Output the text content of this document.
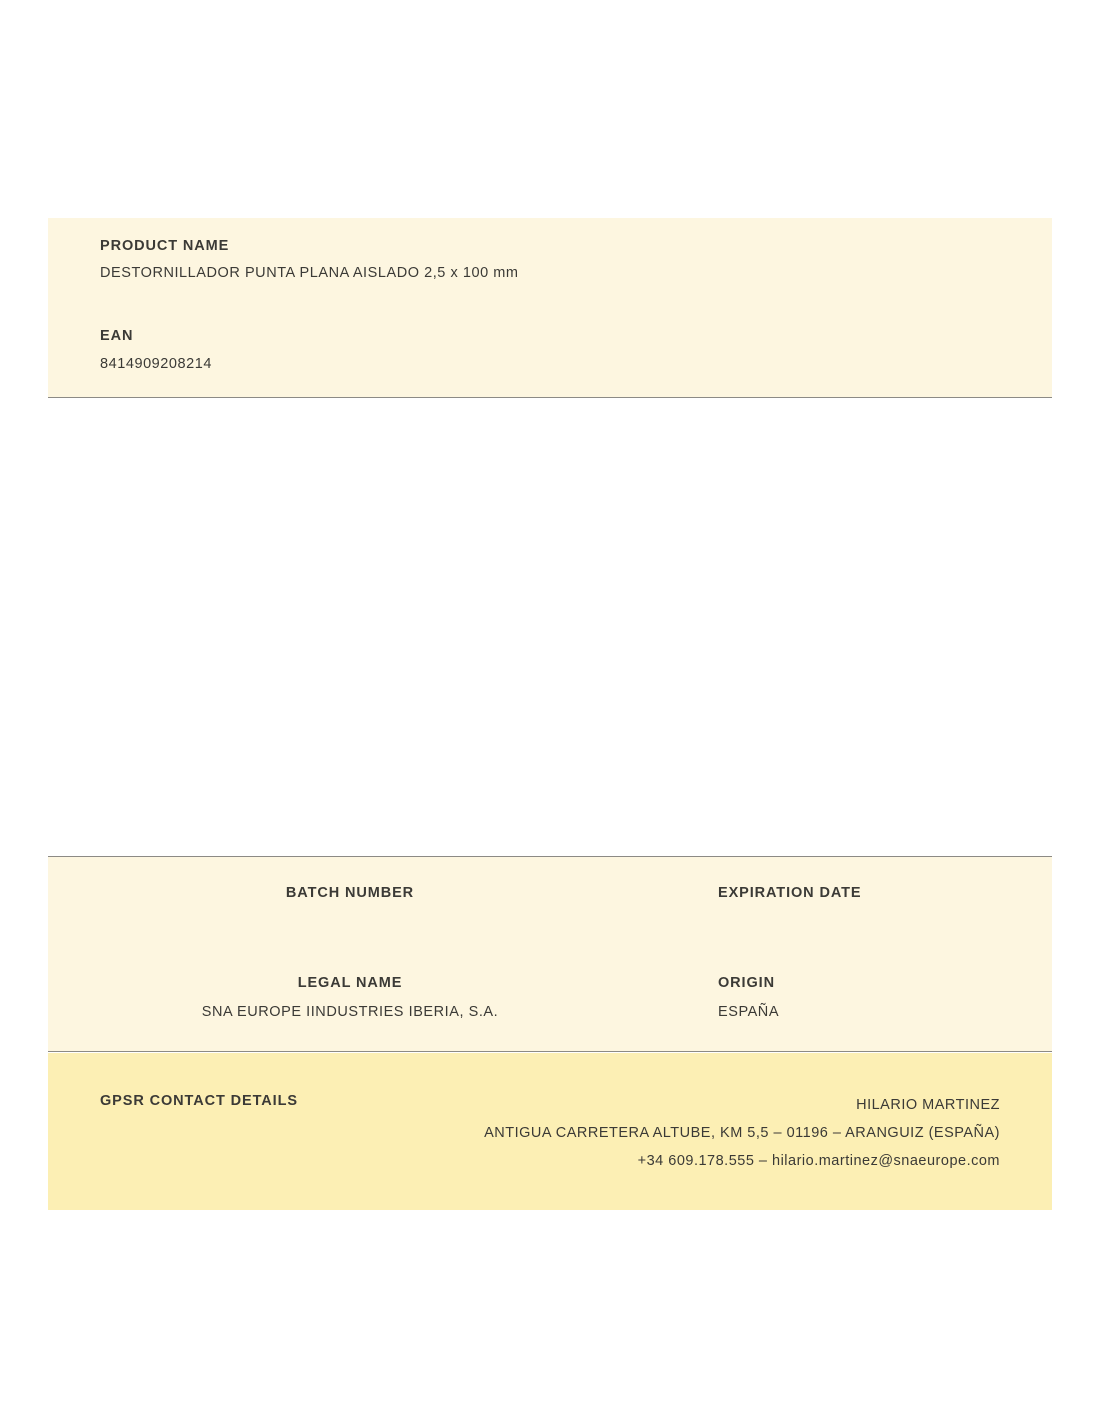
PRODUCT NAME
DESTORNILLADOR PUNTA PLANA AISLADO 2,5 x 100 mm
EAN
8414909208214
BATCH NUMBER
LEGAL NAME
SNA EUROPE IINDUSTRIES IBERIA, S.A.
EXPIRATION DATE
ORIGIN
ESPAÑA
GPSR CONTACT DETAILS	HILARIO MARTINEZ
ANTIGUA CARRETERA ALTUBE, KM 5,5 – 01196 – ARANGUIZ (ESPAÑA)
+34 609.178.555 – hilario.martinez@snaeurope.com
